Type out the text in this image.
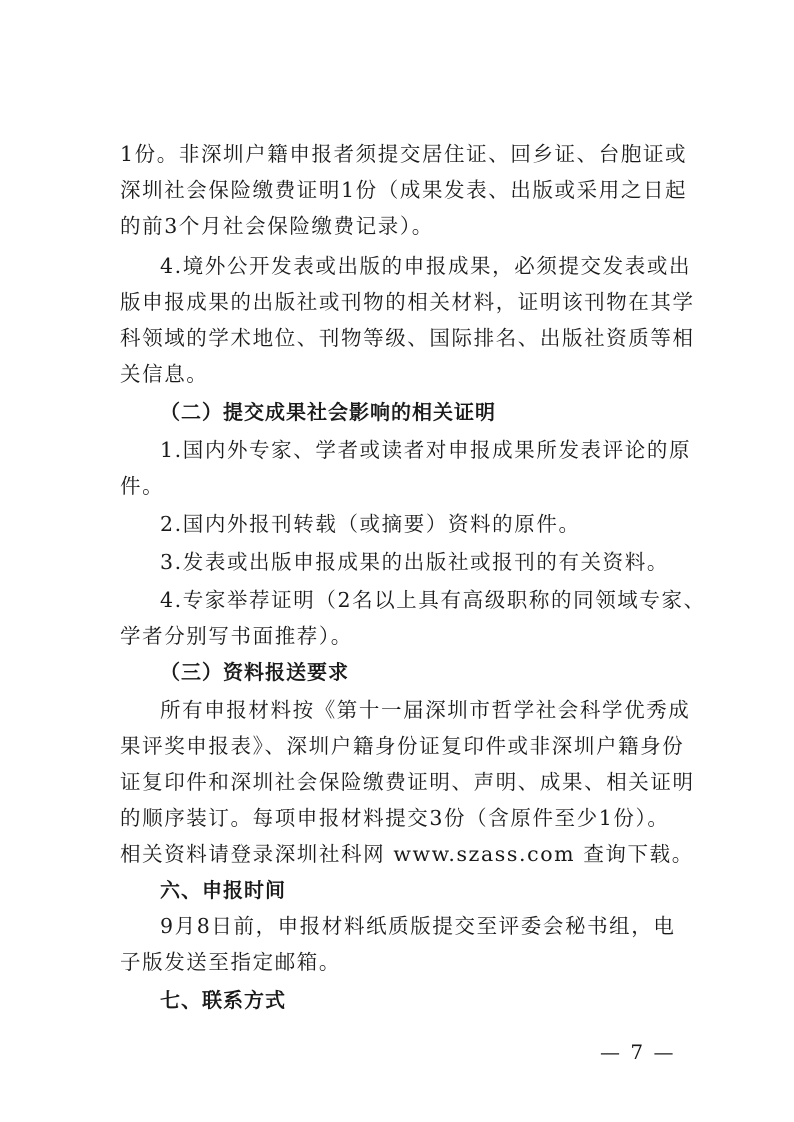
1份。非深圳户籍申报者须提交居住证、回乡证、台胞证或
深圳社会保险缴费证明1份（成果发表、出版或采用之日起
的前3个月社会保险缴费记录）。
4.境外公开发表或出版的申报成果，必须提交发表或出
版申报成果的出版社或刊物的相关材料，证明该刊物在其学
科领域的学术地位、刊物等级、国际排名、出版社资质等相
关信息。
（二）提交成果社会影响的相关证明
1.国内外专家、学者或读者对申报成果所发表评论的原
件。
2.国内外报刊转载（或摘要）资料的原件。
3.发表或出版申报成果的出版社或报刊的有关资料。
4.专家举荐证明（2名以上具有高级职称的同领域专家、
学者分别写书面推荐）。
（三）资料报送要求
所有申报材料按《第十一届深圳市哲学社会科学优秀成
果评奖申报表》、深圳户籍身份证复印件或非深圳户籍身份
证复印件和深圳社会保险缴费证明、声明、成果、相关证明
的顺序装订。每项申报材料提交3份（含原件至少1份）。
相关资料请登录深圳社科网 www.szass.com 查询下载。
六、申报时间
9月8日前，申报材料纸质版提交至评委会秘书组，电
子版发送至指定邮箱。
七、联系方式
— 7 —
